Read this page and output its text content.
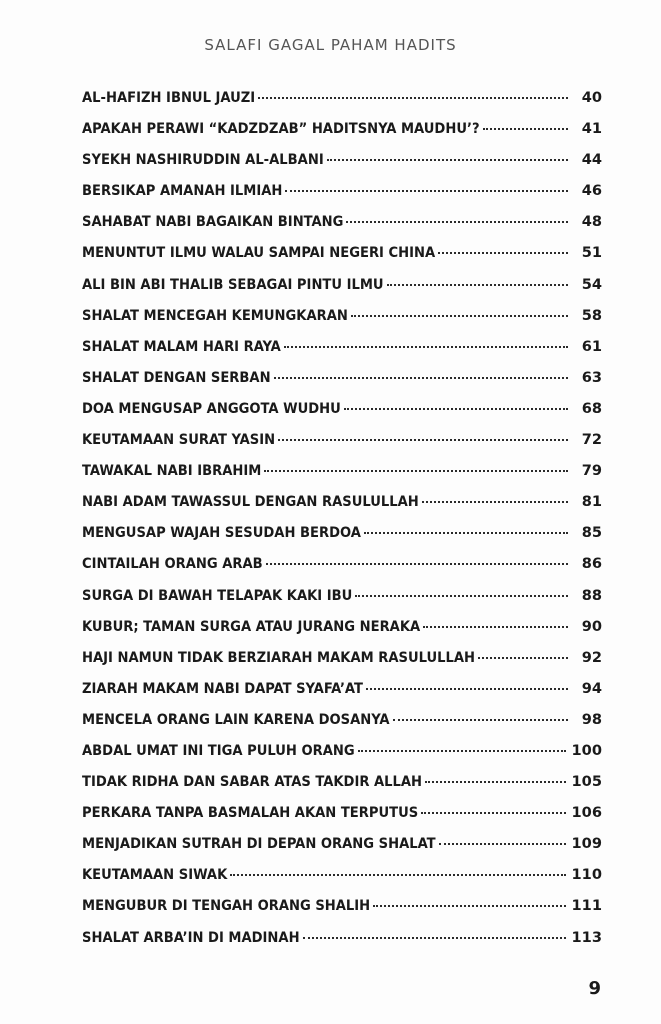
SALAFI GAGAL PAHAM HADITS
AL-HAFIZH IBNUL JAUZI	40
APAKAH PERAWI “KADZDZAB” HADITSNYA MAUDHU’?	41
SYEKH NASHIRUDDIN AL-ALBANI	44
BERSIKAP AMANAH ILMIAH	46
SAHABAT NABI BAGAIKAN BINTANG	48
MENUNTUT ILMU WALAU SAMPAI NEGERI CHINA	51
ALI BIN ABI THALIB SEBAGAI PINTU ILMU	54
SHALAT MENCEGAH KEMUNGKARAN	58
SHALAT MALAM HARI RAYA	61
SHALAT DENGAN SERBAN	63
DOA MENGUSAP ANGGOTA WUDHU	68
KEUTAMAAN SURAT YASIN	72
TAWAKAL NABI IBRAHIM	79
NABI ADAM TAWASSUL DENGAN RASULULLAH	81
MENGUSAP WAJAH SESUDAH BERDOA	85
CINTAILAH ORANG ARAB	86
SURGA DI BAWAH TELAPAK KAKI IBU	88
KUBUR; TAMAN SURGA ATAU JURANG NERAKA	90
HAJI NAMUN TIDAK BERZIARAH MAKAM RASULULLAH	92
ZIARAH MAKAM NABI DAPAT SYAFA’AT	94
MENCELA ORANG LAIN KARENA DOSANYA	98
ABDAL UMAT INI TIGA PULUH ORANG	100
TIDAK RIDHA DAN SABAR ATAS TAKDIR ALLAH	105
PERKARA TANPA BASMALAH AKAN TERPUTUS	106
MENJADIKAN SUTRAH DI DEPAN ORANG SHALAT	109
KEUTAMAAN SIWAK	110
MENGUBUR DI TENGAH ORANG SHALIH	111
SHALAT ARBA’IN DI MADINAH	113
9
